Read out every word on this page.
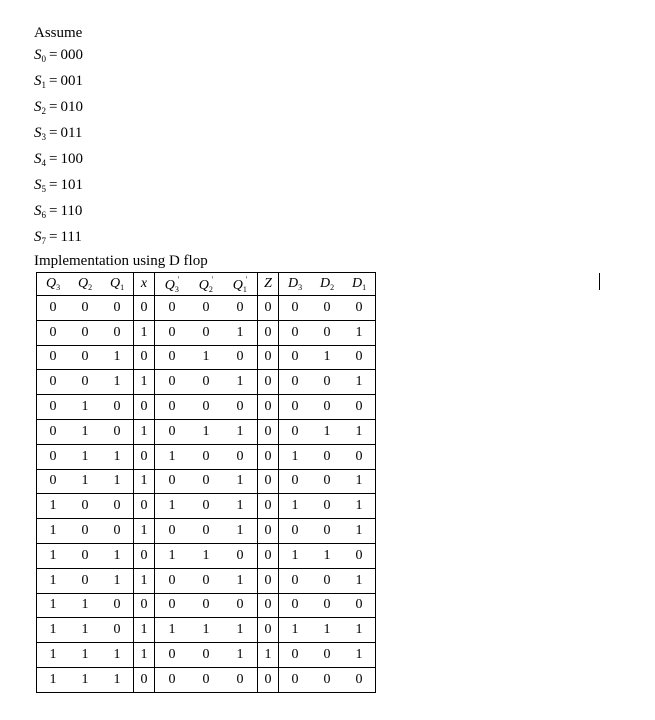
Assume
$S_0 = 000$
$S_1 = 001$
$S_2 = 010$
$S_3 = 011$
$S_4 = 100$
$S_5 = 101$
$S_6 = 110$
$S_7 = 111$
Implementation using D flop
$Q_3$	$Q_2$	$Q_1$	x	$Q_3'$	$Q_2'$	$Q_1'$	Z	$D_3$	$D_2$	$D_1$
0	0	0	0	0	0	0	0	0	0	0
0	0	0	1	0	0	1	0	0	0	1
0	0	1	0	0	1	0	0	0	1	0
0	0	1	1	0	0	1	0	0	0	1
0	1	0	0	0	0	0	0	0	0	0
0	1	0	1	0	1	1	0	0	1	1
0	1	1	0	1	0	0	0	1	0	0
0	1	1	1	0	0	1	0	0	0	1
1	0	0	0	1	0	1	0	1	0	1
1	0	0	1	0	0	1	0	0	0	1
1	0	1	0	1	1	0	0	1	1	0
1	0	1	1	0	0	1	0	0	0	1
1	1	0	0	0	0	0	0	0	0	0
1	1	0	1	1	1	1	0	1	1	1
1	1	1	1	0	0	1	1	0	0	1
1	1	1	0	0	0	0	0	0	0	0
